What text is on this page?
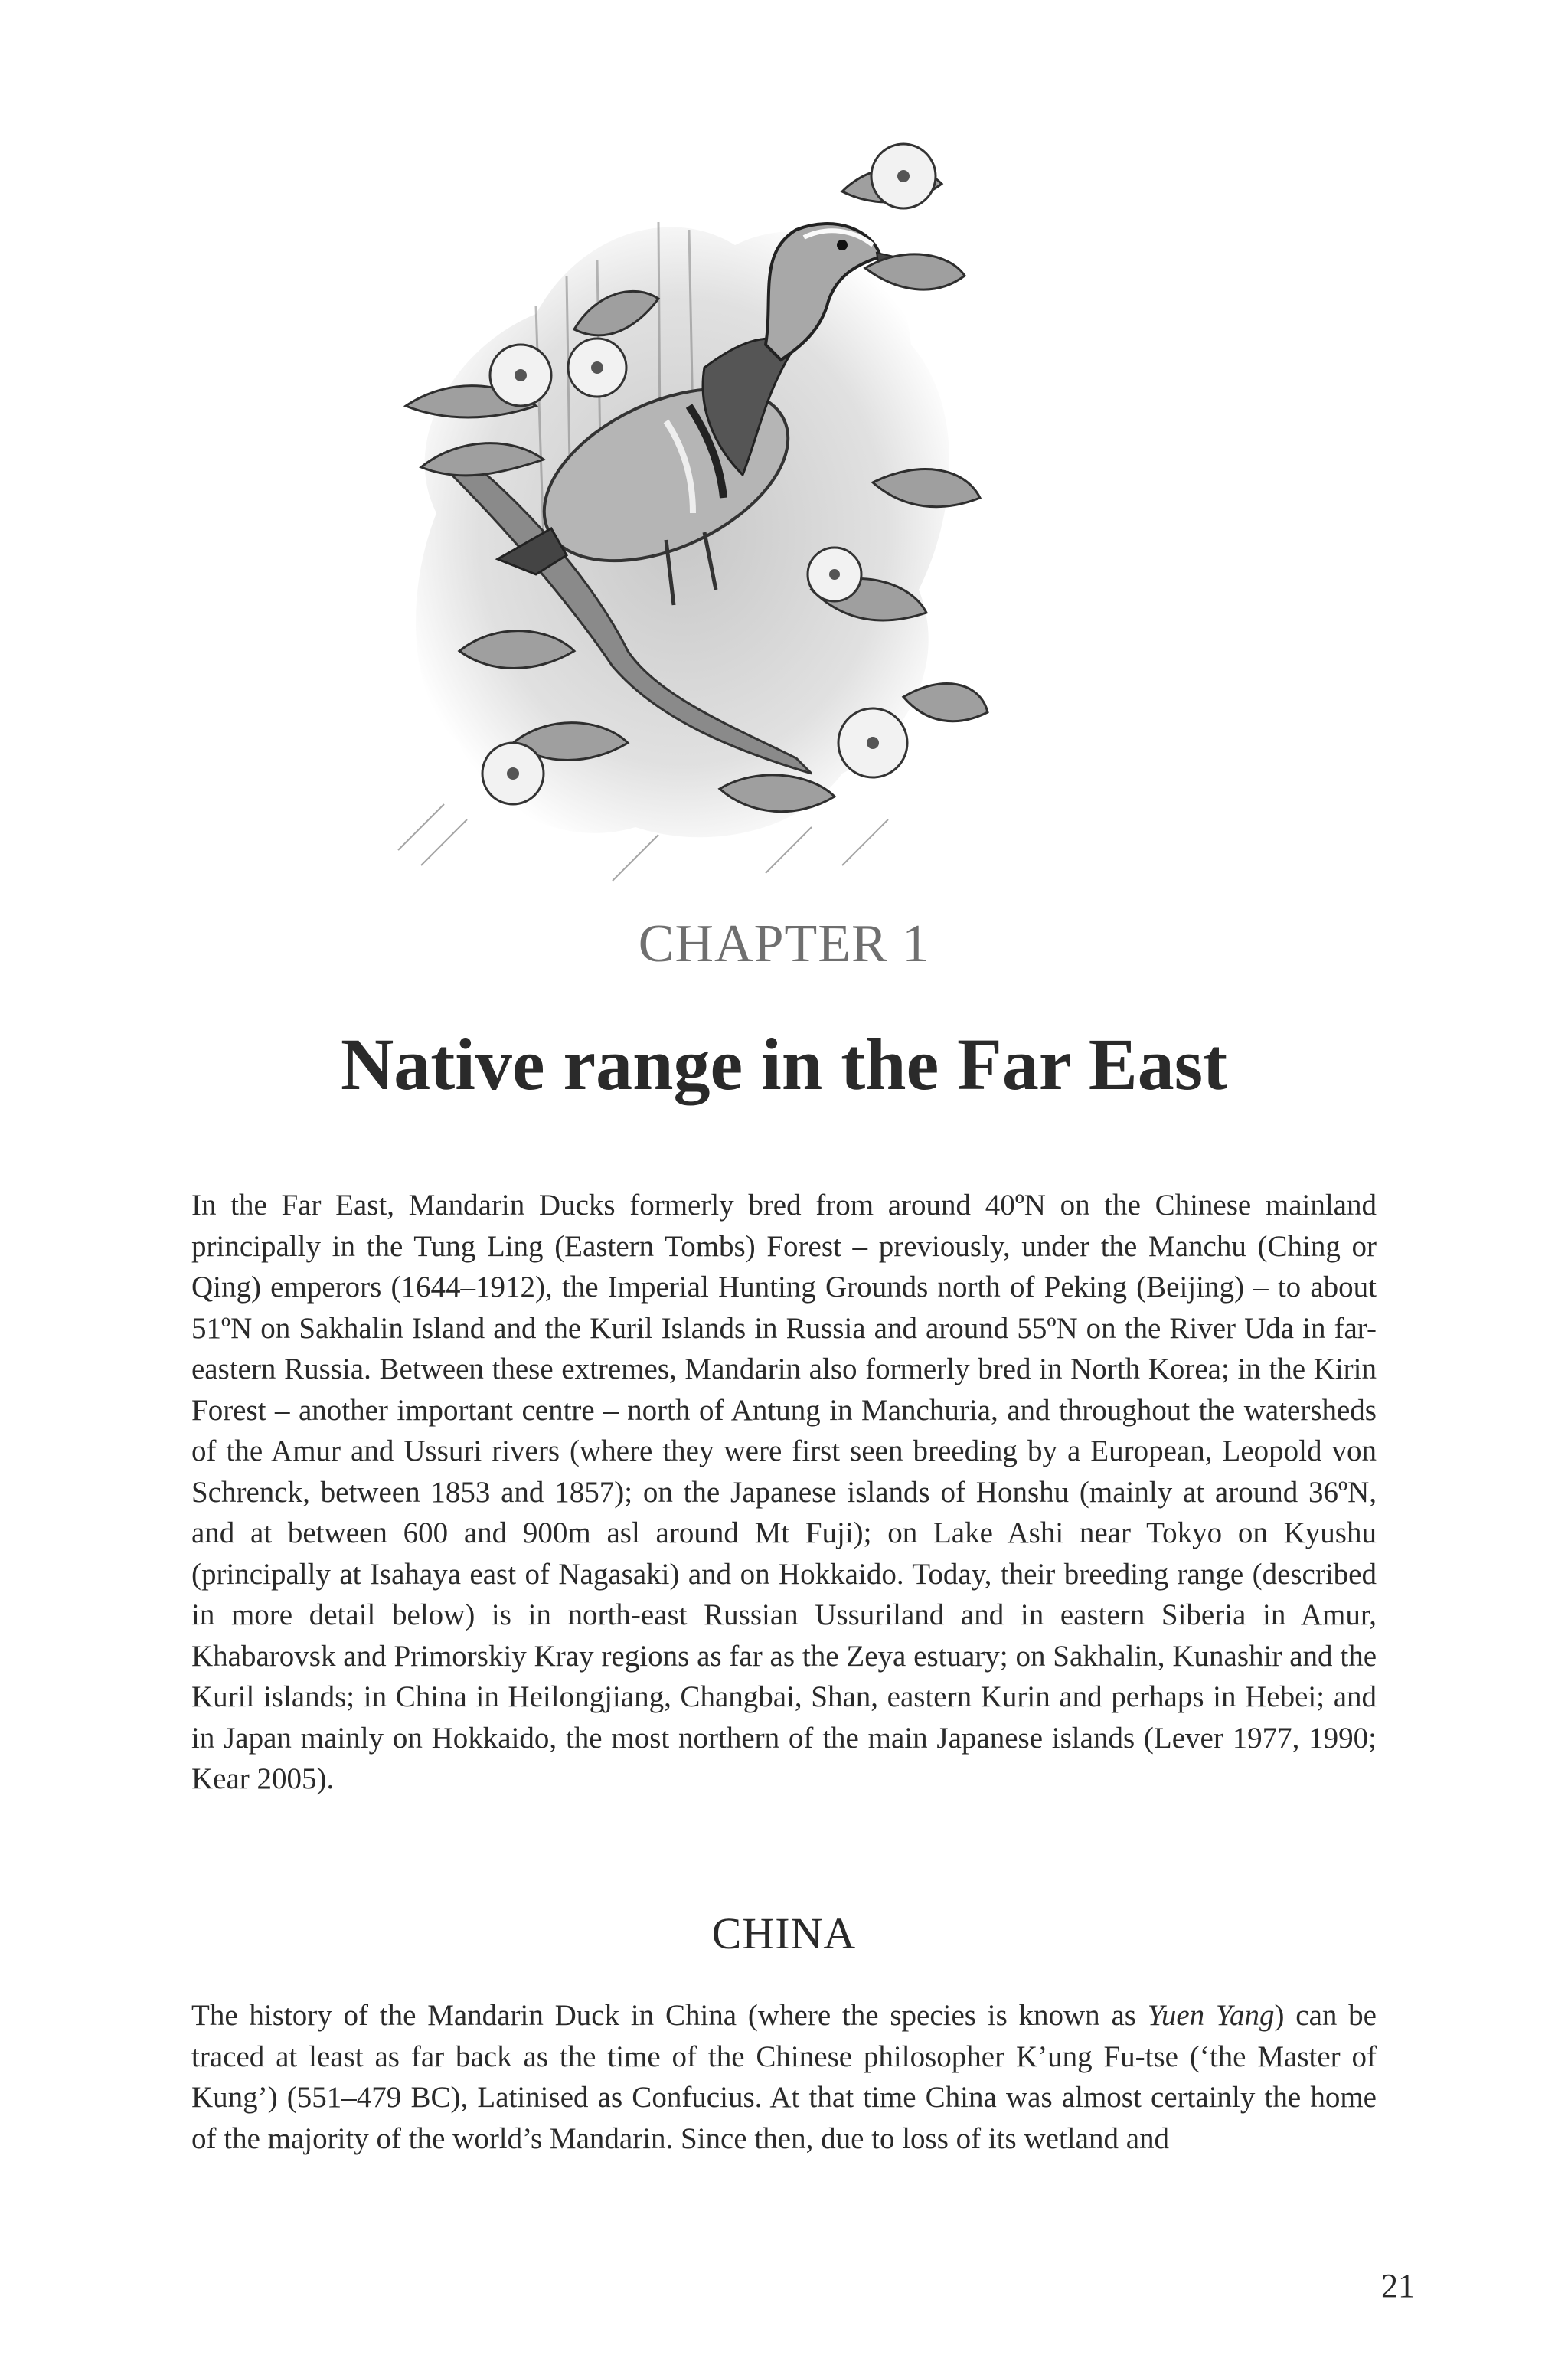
CHAPTER 1
Native range in the Far East

In the Far East, Mandarin Ducks formerly bred from around 40ºN on the Chinese mainland principally in the Tung Ling (Eastern Tombs) Forest – previously, under the Manchu (Ching or Qing) emperors (1644–1912), the Imperial Hunting Grounds north of Peking (Beijing) – to about 51ºN on Sakhalin Island and the Kuril Islands in Russia and around 55ºN on the River Uda in far-eastern Russia. Between these extremes, Mandarin also formerly bred in North Korea; in the Kirin Forest – another important centre – north of Antung in Manchuria, and throughout the watersheds of the Amur and Ussuri rivers (where they were first seen breeding by a European, Leopold von Schrenck, between 1853 and 1857); on the Japanese islands of Honshu (mainly at around 36ºN, and at between 600 and 900m asl around Mt Fuji); on Lake Ashi near Tokyo on Kyushu (principally at Isahaya east of Nagasaki) and on Hokkaido. Today, their breeding range (described in more detail below) is in north-east Russian Ussuriland and in eastern Siberia in Amur, Khabarovsk and Primorskiy Kray regions as far as the Zeya estuary; on Sakhalin, Kunashir and the Kuril islands; in China in Heilongjiang, Changbai, Shan, eastern Kurin and perhaps in Hebei; and in Japan mainly on Hokkaido, the most northern of the main Japanese islands (Lever 1977, 1990; Kear 2005).

CHINA

The history of the Mandarin Duck in China (where the species is known as Yuen Yang) can be traced at least as far back as the time of the Chinese philosopher K’ung Fu-tse (‘the Master of Kung’) (551–479 BC), Latinised as Confucius. At that time China was almost certainly the home of the majority of the world’s Mandarin. Since then, due to loss of its wetland and

21
